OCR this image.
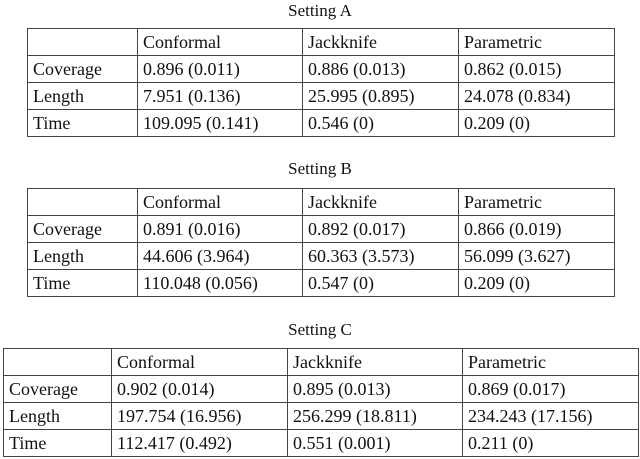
Setting A
	Conformal	Jackknife	Parametric
Coverage	0.896 (0.011)	0.886 (0.013)	0.862 (0.015)
Length	7.951 (0.136)	25.995 (0.895)	24.078 (0.834)
Time	109.095 (0.141)	0.546 (0)	0.209 (0)
Setting B
	Conformal	Jackknife	Parametric
Coverage	0.891 (0.016)	0.892 (0.017)	0.866 (0.019)
Length	44.606 (3.964)	60.363 (3.573)	56.099 (3.627)
Time	110.048 (0.056)	0.547 (0)	0.209 (0)
Setting C
	Conformal	Jackknife	Parametric
Coverage	0.902 (0.014)	0.895 (0.013)	0.869 (0.017)
Length	197.754 (16.956)	256.299 (18.811)	234.243 (17.156)
Time	112.417 (0.492)	0.551 (0.001)	0.211 (0)
